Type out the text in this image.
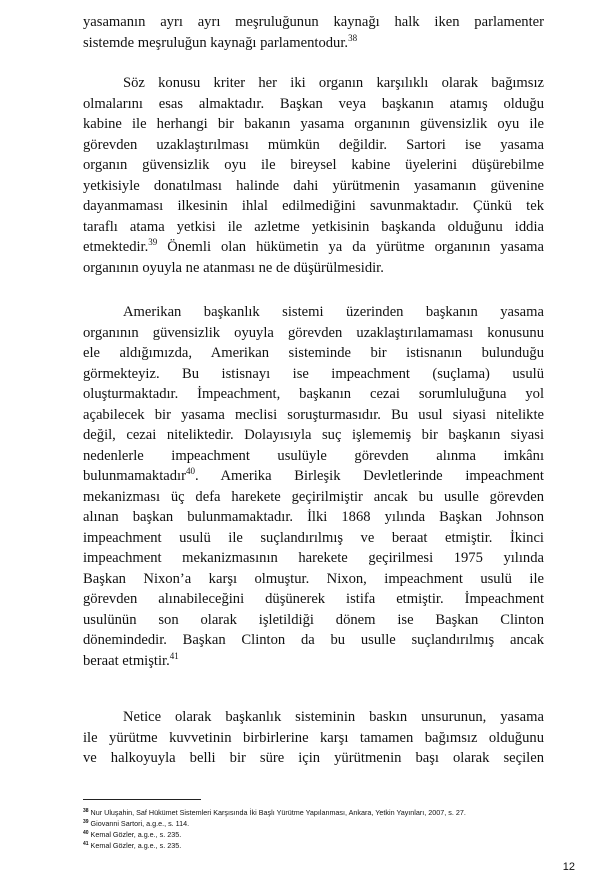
yasamanın ayrı ayrı meşruluğunun kaynağı halk iken parlamenter
sistemde meşruluğun kaynağı parlamentodur.$^{38}$
Söz konusu kriter her iki organın karşılıklı olarak bağımsız
olmalarını esas almaktadır. Başkan veya başkanın atamış olduğu
kabine ile herhangi bir bakanın yasama organının güvensizlik oyu ile
görevden uzaklaştırılması mümkün değildir. Sartori ise yasama
organın güvensizlik oyu ile bireysel kabine üyelerini düşürebilme
yetkisiyle donatılması halinde dahi yürütmenin yasamanın güvenine
dayanmaması ilkesinin ihlal edilmediğini savunmaktadır. Çünkü tek
taraflı atama yetkisi ile azletme yetkisinin başkanda olduğunu iddia
etmektedir.$^{39}$ Önemli olan hükümetin ya da yürütme organının yasama
organının oyuyla ne atanması ne de düşürülmesidir.
Amerikan başkanlık sistemi üzerinden başkanın yasama
organının güvensizlik oyuyla görevden uzaklaştırılamaması konusunu
ele aldığımızda, Amerikan sisteminde bir istisnanın bulunduğu
görmekteyiz. Bu istisnayı ise impeachment (suçlama) usulü
oluşturmaktadır. İmpeachment, başkanın cezai sorumluluğuna yol
açabilecek bir yasama meclisi soruşturmasıdır. Bu usul siyasi nitelikte
değil, cezai niteliktedir. Dolayısıyla suç işlememiş bir başkanın siyasi
nedenlerle impeachment usulüyle görevden alınma imkânı
bulunmamaktadır$^{40}$. Amerika Birleşik Devletlerinde impeachment
mekanizması üç defa harekete geçirilmiştir ancak bu usulle görevden
alınan başkan bulunmamaktadır. İlki 1868 yılında Başkan Johnson
impeachment usulü ile suçlandırılmış ve beraat etmiştir. İkinci
impeachment mekanizmasının harekete geçirilmesi 1975 yılında
Başkan Nixon’a karşı olmuştur. Nixon, impeachment usulü ile
görevden alınabileceğini düşünerek istifa etmiştir. İmpeachment
usulünün son olarak işletildiği dönem ise Başkan Clinton
dönemindedir. Başkan Clinton da bu usulle suçlandırılmış ancak
beraat etmiştir.$^{41}$
Netice olarak başkanlık sisteminin baskın unsurunun, yasama
ile yürütme kuvvetinin birbirlerine karşı tamamen bağımsız olduğunu
ve halkoyuyla belli bir süre için yürütmenin başı olarak seçilen
$^{38}$ Nur Uluşahin, Saf Hükümet Sistemleri Karşısında İki Başlı Yürütme Yapılanması, Ankara, Yetkin Yayınları, 2007, s. 27.
$^{39}$ Giovanni Sartori, a.g.e., s. 114.
$^{40}$ Kemal Gözler, a.g.e., s. 235.
$^{41}$ Kemal Gözler, a.g.e., s. 235.
12
